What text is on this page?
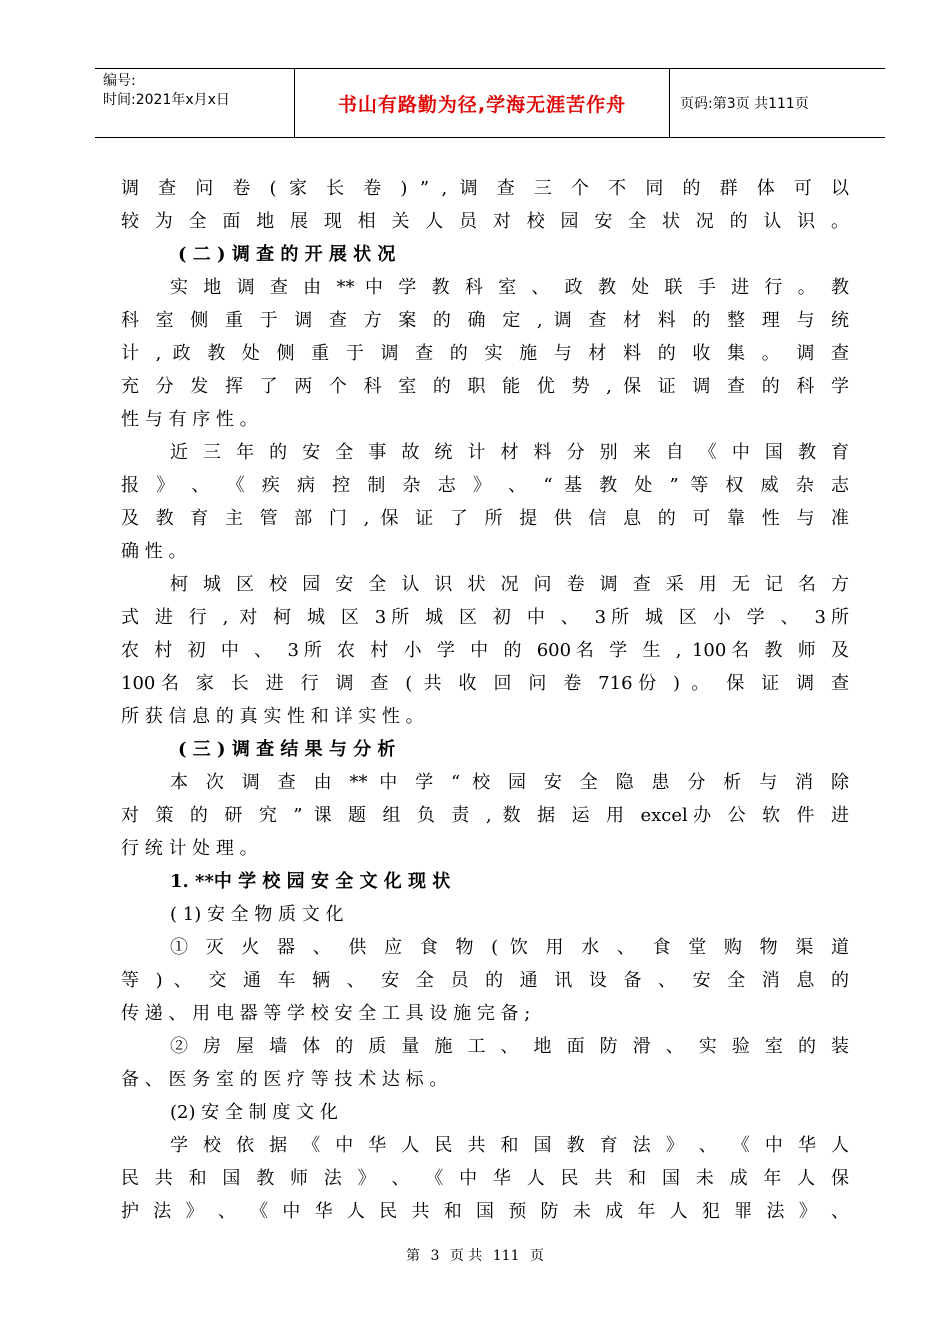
编号:
时间:2021年x月x日	书山有路勤为径,学海无涯苦作舟	页码:第3页 共111页
调 查 问 卷 ( 家 长 卷 ) ” , 调 查 三 个 不 同 的 群 体 可 以
较 为 全 面 地 展 现 相 关 人 员 对 校 园 安 全 状 况 的 认 识 。
( 二 ) 调 查 的 开 展 状 况
实 地 调 查 由 ** 中 学 教 科 室 、 政 教 处 联 手 进 行 。 教
科 室 侧 重 于 调 查 方 案 的 确 定 , 调 查 材 料 的 整 理 与 统
计 , 政 教 处 侧 重 于 调 查 的 实 施 与 材 料 的 收 集 。 调 查
充 分 发 挥 了 两 个 科 室 的 职 能 优 势 , 保 证 调 查 的 科 学
性 与 有 序 性 。
近 三 年 的 安 全 事 故 统 计 材 料 分 别 来 自 《 中 国 教 育
报 》 、 《 疾 病 控 制 杂 志 》 、 “ 基 教 处 ” 等 权 威 杂 志
及 教 育 主 管 部 门 , 保 证 了 所 提 供 信 息 的 可 靠 性 与 准
确 性 。
柯 城 区 校 园 安 全 认 识 状 况 问 卷 调 查 采 用 无 记 名 方
式 进 行 , 对 柯 城 区 3所 城 区 初 中 、 3所 城 区 小 学 、 3所
农 村 初 中 、 3所 农 村 小 学 中 的 600名 学 生 , 100名 教 师 及
100名 家 长 进 行 调 查 ( 共 收 回 问 卷 716份 ) 。 保 证 调 查
所 获 信 息 的 真 实 性 和 详 实 性 。
( 三 ) 调 查 结 果 与 分 析
本 次 调 查 由 ** 中 学 “ 校 园 安 全 隐 患 分 析 与 消 除
对 策 的 研 究 ” 课 题 组 负 责 , 数 据 运 用 excel办 公 软 件 进
行 统 计 处 理 。
1. **中 学 校 园 安 全 文 化 现 状
( 1) 安 全 物 质 文 化
① 灭 火 器 、 供 应 食 物 ( 饮 用 水 、 食 堂 购 物 渠 道
等 ) 、 交 通 车 辆 、 安 全 员 的 通 讯 设 备 、 安 全 消 息 的
传 递 、 用 电 器 等 学 校 安 全 工 具 设 施 完 备 ;
② 房 屋 墙 体 的 质 量 施 工 、 地 面 防 滑 、 实 验 室 的 装
备 、 医 务 室 的 医 疗 等 技 术 达 标 。
(2) 安 全 制 度 文 化
学 校 依 据 《 中 华 人 民 共 和 国 教 育 法 》 、 《 中 华 人
民 共 和 国 教 师 法 》 、 《 中 华 人 民 共 和 国 未 成 年 人 保
护 法 》 、 《 中 华 人 民 共 和 国 预 防 未 成 年 人 犯 罪 法 》 、
第 3 页 共 111 页
